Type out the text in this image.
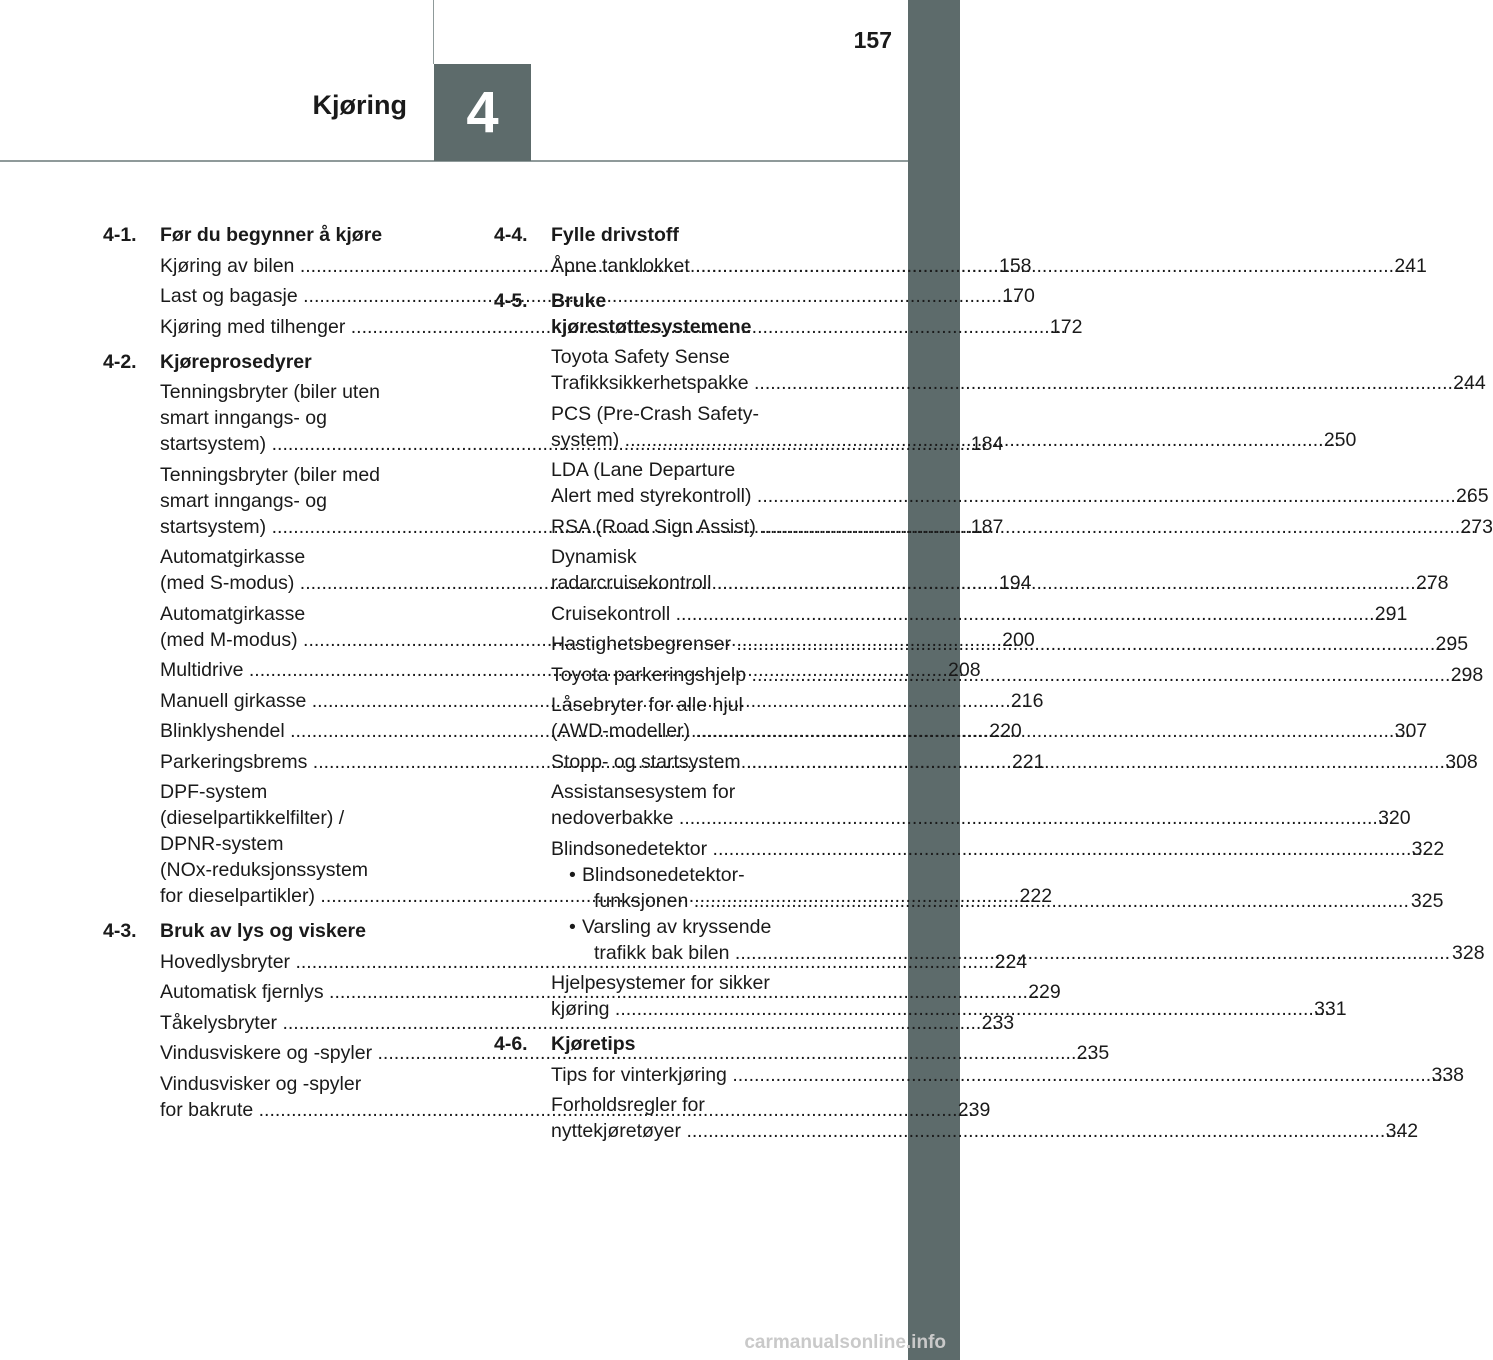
4
Kjøring
157
4-1.	Før du begynner å kjøre
Kjøring av bilen .....	158
Last og bagasje .....	170
Kjøring med tilhenger .....	172
4-2.	Kjøreprosedyrer
Tenningsbryter (biler uten
smart inngangs- og
startsystem) .....	184
Tenningsbryter (biler med
smart inngangs- og
startsystem) .....	187
Automatgirkasse
(med S-modus) .....	194
Automatgirkasse
(med M-modus) .....	200
Multidrive .....	208
Manuell girkasse .....	216
Blinklyshendel .....	220
Parkeringsbrems .....	221
DPF-system
(dieselpartikkelfilter) /
DPNR-system
(NOx-reduksjonssystem
for dieselpartikler) .....	222
4-3.	Bruk av lys og viskere
Hovedlysbryter .....	224
Automatisk fjernlys .....	229
Tåkelysbryter .....	233
Vindusviskere og -spyler .....	235
Vindusvisker og -spyler
for bakrute .....	239
4-4.	Fylle drivstoff
Åpne tanklokket .....	241
4-5.	Bruke
kjørestøttesystemene
Toyota Safety Sense
Trafikksikkerhetspakke .....	244
PCS (Pre-Crash Safety-
system) .....	250
LDA (Lane Departure
Alert med styrekontroll) .....	265
RSA (Road Sign Assist) .....	273
Dynamisk
radarcruisekontroll .....	278
Cruisekontroll .....	291
Hastighetsbegrenser .....	295
Toyota parkeringshjelp .....	298
Låsebryter for alle hjul
(AWD-modeller) .....	307
Stopp- og startsystem .....	308
Assistansesystem for
nedoverbakke .....	320
Blindsonedetektor .....	322
• Blindsonedetektor-
funksjonen .....	325
• Varsling av kryssende
trafikk bak bilen .....	328
Hjelpesystemer for sikker
kjøring .....	331
4-6.	Kjøretips
Tips for vinterkjøring .....	338
Forholdsregler for
nyttekjøretøyer .....	342
carmanualsonline.info
